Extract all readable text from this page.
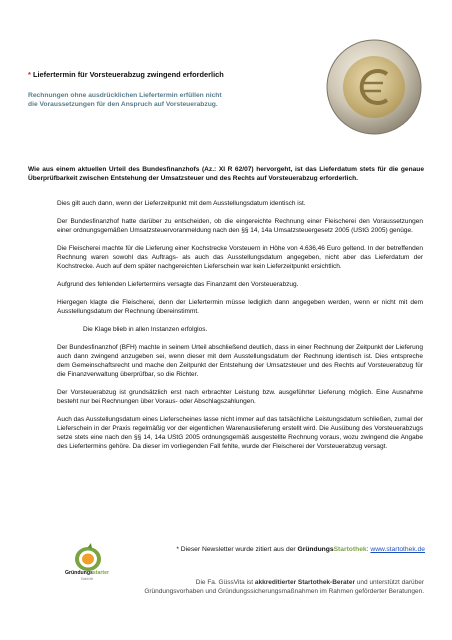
* Liefertermin für Vorsteuerabzug zwingend erforderlich
Rechnungen ohne ausdrücklichen Liefertermin erfüllen nicht
die Voraussetzungen für den Anspruch auf Vorsteuerabzug.
Wie aus einem aktuellen Urteil des Bundesfinanzhofs (Az.: XI R 62/07) hervorgeht, ist das Lieferdatum stets für die genaue Überprüfbarkeit zwischen Entstehung der Umsatzsteuer und des Rechts auf Vorsteuerabzug erforderlich.

Dies gilt auch dann, wenn der Lieferzeitpunkt mit dem Ausstellungsdatum identisch ist.

Der Bundesfinanzhof hatte darüber zu entscheiden, ob die eingereichte Rechnung einer Fleischerei den Voraussetzungen einer ordnungsgemäßen Umsatzsteuervoranmeldung nach den §§ 14, 14a Umsatzsteuergesetz 2005 (UStG 2005) genüge.

Die Fleischerei machte für die Lieferung einer Kochstrecke Vorsteuern in Höhe von 4.636,46 Euro geltend. In der betreffenden Rechnung waren sowohl das Auftrags- als auch das Ausstellungsdatum angegeben, nicht aber das Lieferdatum der Kochstrecke. Auch auf dem später nachgereichten Lieferschein war kein Lieferzeitpunkt ersichtlich.

Aufgrund des fehlenden Liefertermins versagte das Finanzamt den Vorsteuerabzug.

Hiergegen klagte die Fleischerei, denn der Liefertermin müsse lediglich dann angegeben werden, wenn er nicht mit dem Ausstellungsdatum der Rechnung übereinstimmt.

Die Klage blieb in allen Instanzen erfolglos.

Der Bundesfinanzhof (BFH) machte in seinem Urteil abschließend deutlich, dass in einer Rechnung der Zeitpunkt der Lieferung auch dann zwingend anzugeben sei, wenn dieser mit dem Ausstellungsdatum der Rechnung identisch ist. Dies entspreche dem Gemeinschaftsrecht und mache den Zeitpunkt der Entstehung der Umsatzsteuer und des Rechts auf Vorsteuerabzug für die Finanzverwaltung überprüfbar, so die Richter.

Der Vorsteuerabzug ist grundsätzlich erst nach erbrachter Leistung bzw. ausgeführter Lieferung möglich. Eine Ausnahme besteht nur bei Rechnungen über Voraus- oder Abschlagszahlungen.

Auch das Ausstellungsdatum eines Lieferscheines lasse nicht immer auf das tatsächliche Leistungsdatum schließen, zumal der Lieferschein in der Praxis regelmäßig vor der eigentlichen Warenauslieferung erstellt wird. Die Ausübung des Vorsteuerabzugs setze stets eine nach den §§ 14, 14a UStG 2005 ordnungsgemäß ausgestellte Rechnung voraus, wozu zwingend die Angabe des Liefertermins gehöre. Da dieser im vorliegenden Fall fehlte, wurde der Fleischerei der Vorsteuerabzug versagt.

* Dieser Newsletter wurde zitiert aus der GründungsStartothek: www.startothek.de
Gründungsstarter
Starthilfe	Die Fa. GüssVita ist akkreditierter Startothek-Berater und unterstützt darüber
Gründungsvorhaben und Gründungssicherungsmaßnahmen im Rahmen geförderter Beratungen.
